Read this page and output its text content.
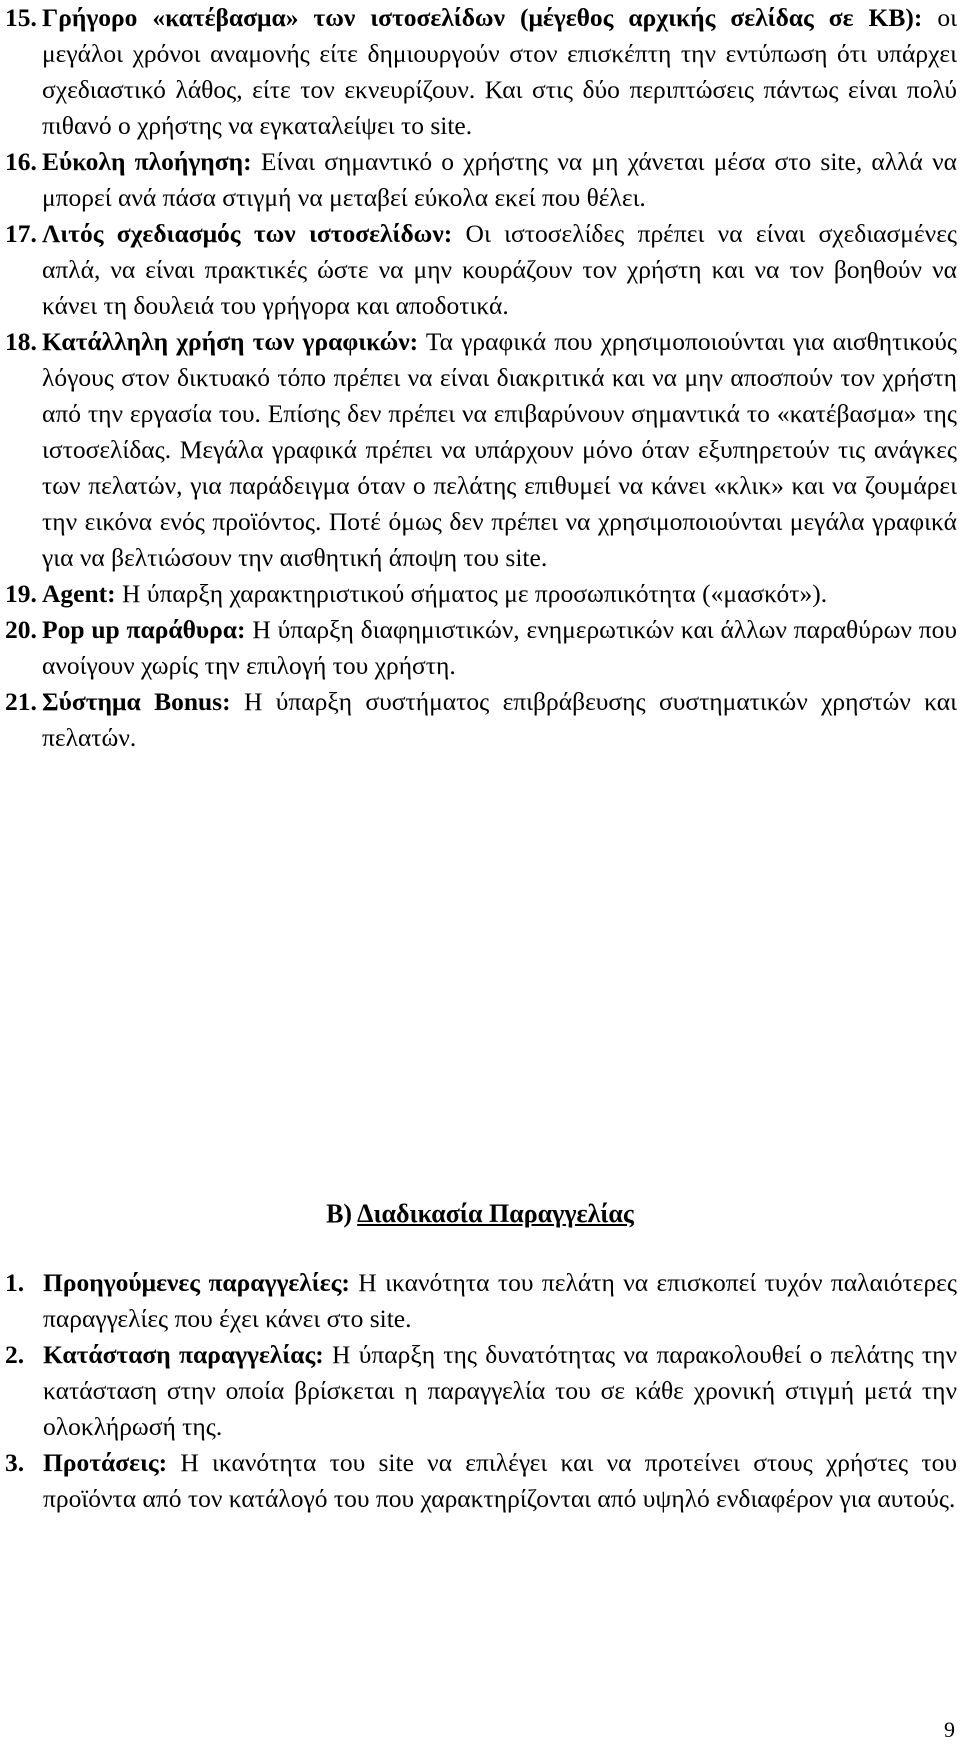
15. Γρήγορο «κατέβασμα» των ιστοσελίδων (μέγεθος αρχικής σελίδας σε KB): οι μεγάλοι χρόνοι αναμονής είτε δημιουργούν στον επισκέπτη την εντύπωση ότι υπάρχει σχεδιαστικό λάθος, είτε τον εκνευρίζουν. Και στις δύο περιπτώσεις πάντως είναι πολύ πιθανό ο χρήστης να εγκαταλείψει το site.

16. Εύκολη πλοήγηση: Είναι σημαντικό ο χρήστης να μη χάνεται μέσα στο site, αλλά να μπορεί ανά πάσα στιγμή να μεταβεί εύκολα εκεί που θέλει.

17. Λιτός σχεδιασμός των ιστοσελίδων: Οι ιστοσελίδες πρέπει να είναι σχεδιασμένες απλά, να είναι πρακτικές ώστε να μην κουράζουν τον χρήστη και να τον βοηθούν να κάνει τη δουλειά του γρήγορα και αποδοτικά.

18. Κατάλληλη χρήση των γραφικών: Τα γραφικά που χρησιμοποιούνται για αισθητικούς λόγους στον δικτυακό τόπο πρέπει να είναι διακριτικά και να μην αποσπούν τον χρήστη από την εργασία του. Επίσης δεν πρέπει να επιβαρύνουν σημαντικά το «κατέβασμα» της ιστοσελίδας. Μεγάλα γραφικά πρέπει να υπάρχουν μόνο όταν εξυπηρετούν τις ανάγκες των πελατών, για παράδειγμα όταν ο πελάτης επιθυμεί να κάνει «κλικ» και να ζουμάρει την εικόνα ενός προϊόντος. Ποτέ όμως δεν πρέπει να χρησιμοποιούνται μεγάλα γραφικά για να βελτιώσουν την αισθητική άποψη του site.

19. Agent: Η ύπαρξη χαρακτηριστικού σήματος με προσωπικότητα («μασκότ»).

20. Pop up παράθυρα: Η ύπαρξη διαφημιστικών, ενημερωτικών και άλλων παραθύρων που ανοίγουν χωρίς την επιλογή του χρήστη.

21. Σύστημα Bonus: Η ύπαρξη συστήματος επιβράβευσης συστηματικών χρηστών και πελατών.

Β) Διαδικασία Παραγγελίας

1. Προηγούμενες παραγγελίες: Η ικανότητα του πελάτη να επισκοπεί τυχόν παλαιότερες παραγγελίες που έχει κάνει στο site.

2. Κατάσταση παραγγελίας: Η ύπαρξη της δυνατότητας να παρακολουθεί ο πελάτης την κατάσταση στην οποία βρίσκεται η παραγγελία του σε κάθε χρονική στιγμή μετά την ολοκλήρωσή της.

3. Προτάσεις: Η ικανότητα του site να επιλέγει και να προτείνει στους χρήστες του προϊόντα από τον κατάλογό του που χαρακτηρίζονται από υψηλό ενδιαφέρον για αυτούς.

9
